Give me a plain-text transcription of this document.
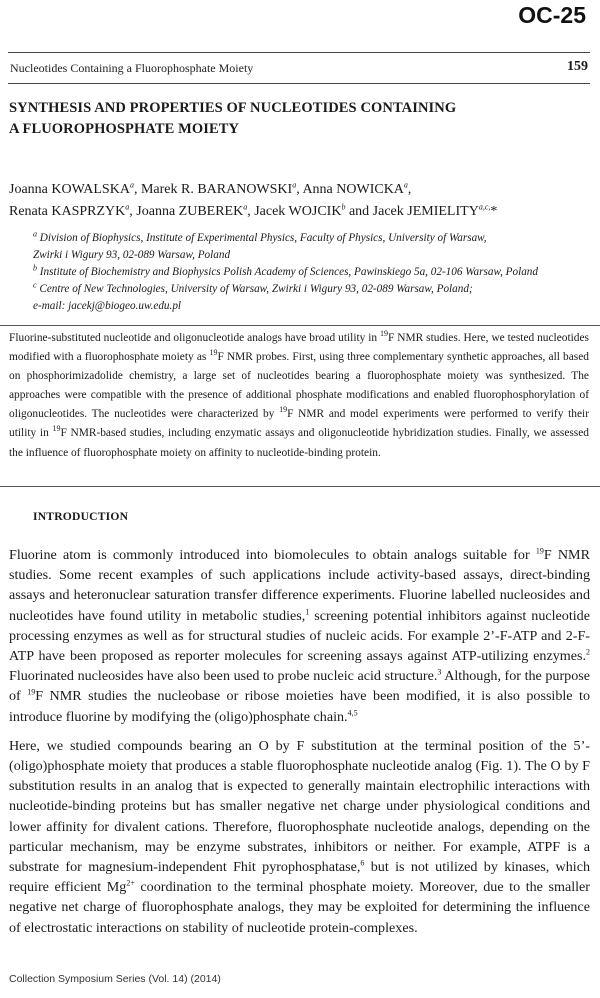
OC-25
Nucleotides Containing a Fluorophosphate Moiety	159
SYNTHESIS AND PROPERTIES OF NUCLEOTIDES CONTAINING
A FLUOROPHOSPHATE MOIETY

Joanna KOWALSKA$^a$, Marek R. BARANOWSKI$^a$, Anna NOWICKA$^a$,
Renata KASPRZYK$^a$, Joanna ZUBEREK$^a$, Jacek WOJCIK$^b$ and Jacek $JEMIELITY^{a,c,}*$

$^a$ Division of Biophysics, Institute of Experimental Physics, Faculty of Physics, University of Warsaw,

Zwirki i Wigury 93, 02-089 Warsaw, Poland

$^b$ Institute of Biochemistry and Biophysics Polish Academy of Sciences, Pawinskiego 5a, 02-106 Warsaw, Poland

$^c$ Centre of New Technologies, University of Warsaw, Zwirki i Wigury 93, 02-089 Warsaw, Poland;

e-mail: jacekj@biogeo.uw.edu.pl

Fluorine-substituted nucleotide and oligonucleotide analogs have broad utility in $^{19}$F NMR studies. Here, we tested nucleotides modified with a fluorophosphate moiety as $^{19}$F NMR probes. First, using three complementary synthetic approaches, all based on phosphorimizadolide chemistry, a large set of nucleotides bearing a fluorophosphate moiety was synthesized. The approaches were compatible with the presence of additional phosphate modifications and enabled fluorophosphorylation of oligonucleotides. The nucleotides were characterized by $^{19}$F NMR and model experiments were performed to verify their utility in $^{19}$F NMR-based studies, including enzymatic assays and oligonucleotide hybridization studies. Finally, we assessed the influence of fluorophosphate moiety on affinity to nucleotide-binding protein.

INTRODUCTION

Fluorine atom is commonly introduced into biomolecules to obtain analogs suitable for $^{19}$F NMR studies. Some recent examples of such applications include activity-based assays, direct-binding assays and heteronuclear saturation transfer difference experiments. Fluorine labelled nucleosides and nucleotides have found utility in metabolic studies,$^1$ screening potential inhibitors against nucleotide processing enzymes as well as for structural studies of nucleic acids. For example 2’-F-ATP and 2-F-ATP have been proposed as reporter molecules for screening assays against ATP-utilizing enzymes.$^2$ Fluorinated nucleosides have also been used to probe nucleic acid structure.$^3$ Although, for the purpose of $^{19}$F NMR studies the nucleobase or ribose moieties have been modified, it is also possible to introduce fluorine by modifying the (oligo)phosphate chain.$^{4,5}$

Here, we studied compounds bearing an O by F substitution at the terminal position of the 5’-(oligo)phosphate moiety that produces a stable fluorophosphate nucleotide analog (Fig. 1). The O by F substitution results in an analog that is expected to generally maintain electrophilic interactions with nucleotide-binding proteins but has smaller negative net charge under physiological conditions and lower affinity for divalent cations. Therefore, fluorophosphate nucleotide analogs, depending on the particular mechanism, may be enzyme substrates, inhibitors or neither. For example, ATPF is a substrate for magnesium-independent Fhit pyrophosphatase,$^6$ but is not utilized by kinases, which require efficient $Mg^{2+}$ coordination to the terminal phosphate moiety. Moreover, due to the smaller negative net charge of fluorophosphate analogs, they may be exploited for determining the influence of electrostatic interactions on stability of nucleotide protein-complexes.

Collection Symposium Series (Vol. 14) (2014)
